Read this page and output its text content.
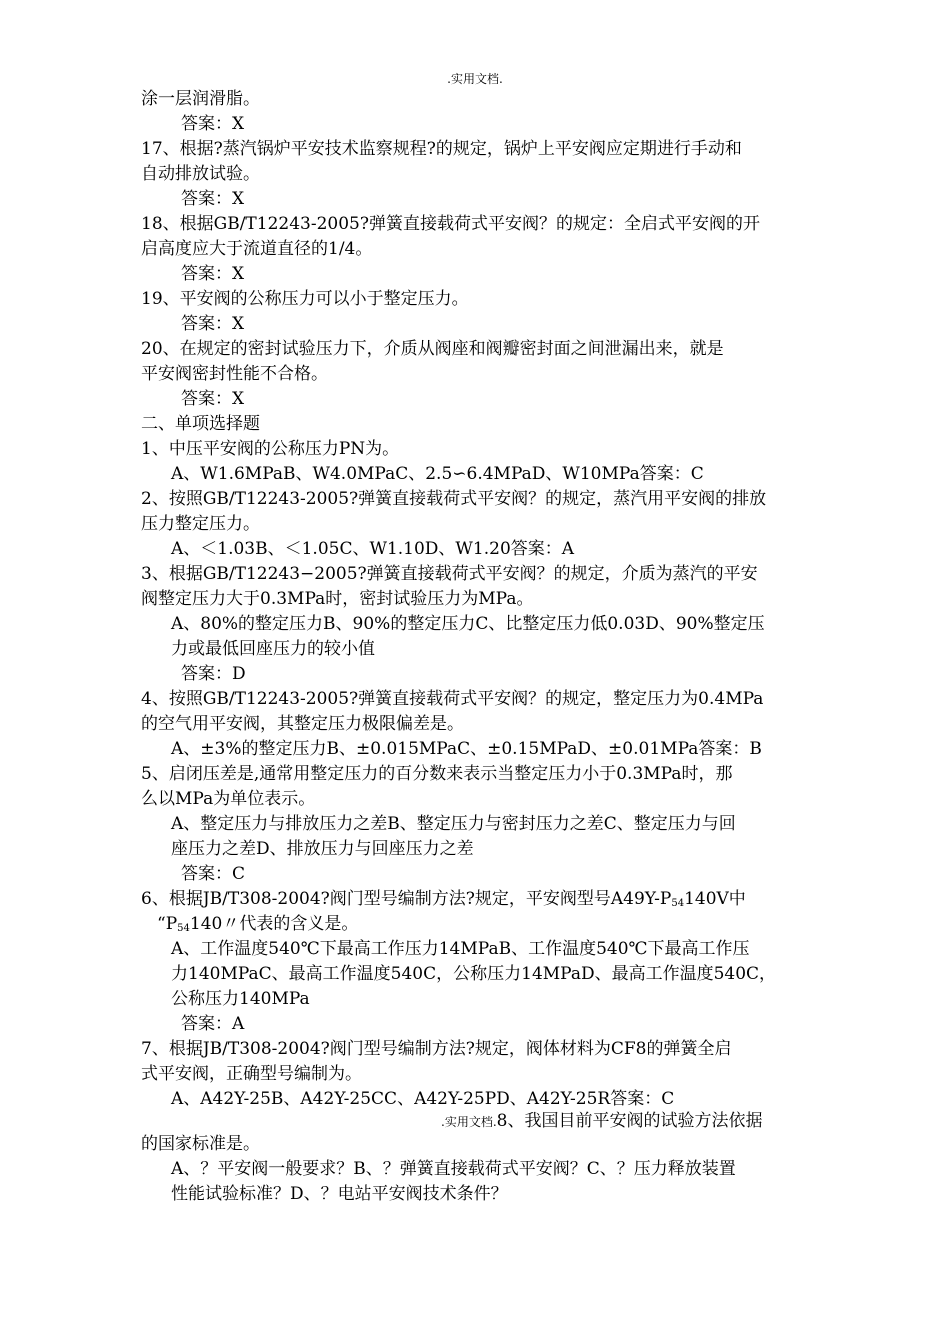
.实用文档.
涂一层润滑脂。
答案：X
17、根据?蒸汽锅炉平安技术监察规程?的规定，锅炉上平安阀应定期进行手动和
自动排放试验。
答案：X
18、根据GB/T12243-2005?弹簧直接载荷式平安阀？的规定：全启式平安阀的开
启高度应大于流道直径的1/4。
答案：X
19、平安阀的公称压力可以小于整定压力。
答案：X
20、在规定的密封试验压力下，介质从阀座和阀瓣密封面之间泄漏出来，就是
平安阀密封性能不合格。
答案：X
二、单项选择题
1、中压平安阀的公称压力PN为。
A、W1.6MPaB、W4.0MPaC、2.5∽6.4MPaD、W10MPa答案：C
2、按照GB/T12243-2005?弹簧直接载荷式平安阀？的规定，蒸汽用平安阀的排放
压力整定压力。
A、＜1.03B、＜1.05C、W1.10D、W1.20答案：A
3、根据GB/T12243−2005?弹簧直接载荷式平安阀？的规定，介质为蒸汽的平安
阀整定压力大于0.3MPa时，密封试验压力为MPa。
A、80%的整定压力B、90%的整定压力C、比整定压力低0.03D、90%整定压
力或最低回座压力的较小值
答案：D
4、按照GB/T12243-2005?弹簧直接载荷式平安阀？的规定，整定压力为0.4MPa
的空气用平安阀，其整定压力极限偏差是。
A、±3%的整定压力B、±0.015MPaC、±0.15MPaD、±0.01MPa答案：B
5、启闭压差是,通常用整定压力的百分数来表示当整定压力小于0.3MPa时，那
么以MPa为单位表示。
A、整定压力与排放压力之差B、整定压力与密封压力之差C、整定压力与回
座压力之差D、排放压力与回座压力之差
答案：C
6、根据JB/T308-2004?阀门型号编制方法?规定，平安阀型号$A49Y-P_{54}140V$中
“$P_{54}140$〃代表的含义是。
A、工作温度540℃下最高工作压力14MPaB、工作温度540℃下最高工作压
力140MPaC、最高工作温度540C，公称压力14MPaD、最高工作温度540C，
公称压力140MPa
答案：A
7、根据JB/T308-2004?阀门型号编制方法?规定，阀体材料为CF8的弹簧全启
式平安阀，正确型号编制为。
A、A42Y-25B、A42Y-25CC、A42Y-25PD、A42Y-25R答案：C
.实用文档.8、我国目前平安阀的试验方法依据
的国家标准是。
A、？平安阀一般要求？B、？弹簧直接载荷式平安阀？C、？压力释放装置
性能试验标准？D、？电站平安阀技术条件？
